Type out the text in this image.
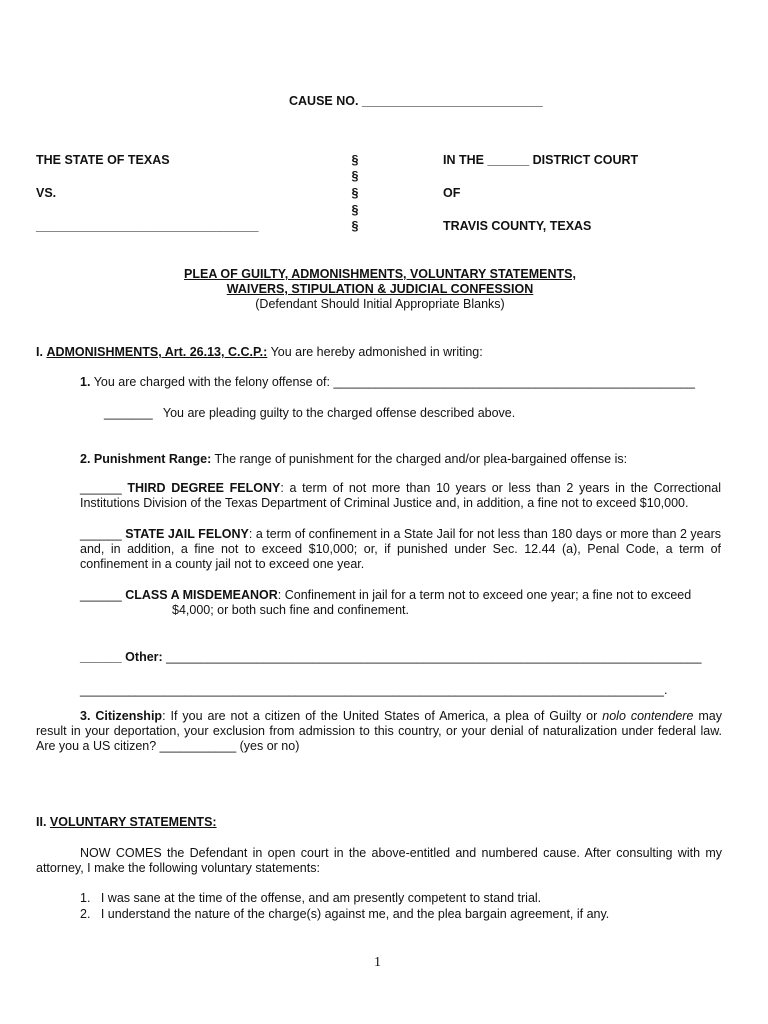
CAUSE NO. __________________________
THE STATE OF TEXAS
VS.
________________________________
§
§
§
§
§
IN THE ______ DISTRICT COURT
OF
TRAVIS COUNTY, TEXAS
PLEA OF GUILTY, ADMONISHMENTS, VOLUNTARY STATEMENTS,
WAIVERS, STIPULATION & JUDICIAL CONFESSION
(Defendant Should Initial Appropriate Blanks)
I. ADMONISHMENTS, Art. 26.13, C.C.P.: You are hereby admonished in writing:
1. You are charged with the felony offense of: ____________________________________________________
_______ You are pleading guilty to the charged offense described above.
2. Punishment Range: The range of punishment for the charged and/or plea-bargained offense is:
______ THIRD DEGREE FELONY: a term of not more than 10 years or less than 2 years in the Correctional Institutions Division of the Texas Department of Criminal Justice and, in addition, a fine not to exceed $10,000.
______ STATE JAIL FELONY: a term of confinement in a State Jail for not less than 180 days or more than 2 years and, in addition, a fine not to exceed $10,000; or, if punished under Sec. 12.44 (a), Penal Code, a term of confinement in a county jail not to exceed one year.
______ CLASS A MISDEMEANOR: Confinement in jail for a term not to exceed one year; a fine not to exceed
$4,000; or both such fine and confinement.
______ Other: _____________________________________________________________________________
____________________________________________________________________________________.
3. Citizenship: If you are not a citizen of the United States of America, a plea of Guilty or nolo contendere may result in your deportation, your exclusion from admission to this country, or your denial of naturalization under federal law. Are you a US citizen? ___________ (yes or no)
II. VOLUNTARY STATEMENTS:
NOW COMES the Defendant in open court in the above-entitled and numbered cause. After consulting with my attorney, I make the following voluntary statements:
1. I was sane at the time of the offense, and am presently competent to stand trial.
2. I understand the nature of the charge(s) against me, and the plea bargain agreement, if any.
1
